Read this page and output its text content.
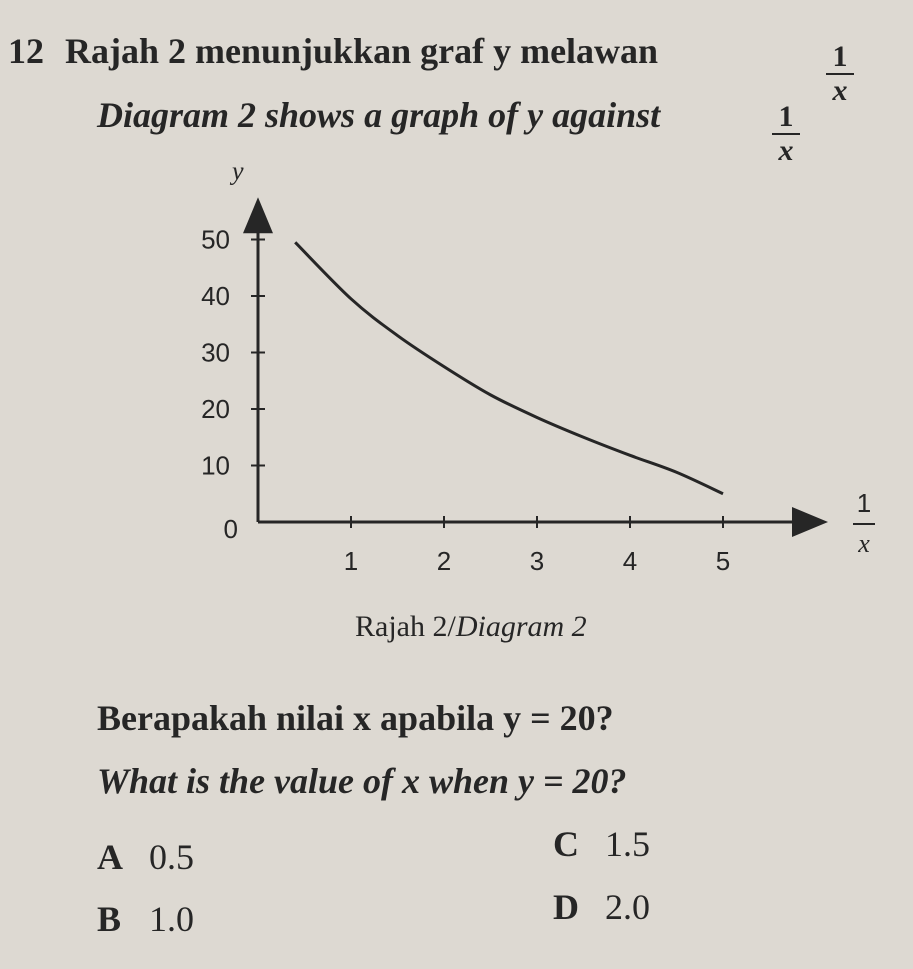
12 Rajah 2 menunjukkan graf y melawan	1
x
Diagram 2 shows a graph of y against	1
x
0
10
20
30
40
50
1	2	3	4	5
y
1
x
Rajah 2/Diagram 2
Berapakah nilai x apabila y = 20?
What is the value of x when y = 20?
A 0.5
B 1.0
C 1.5
D 2.0
